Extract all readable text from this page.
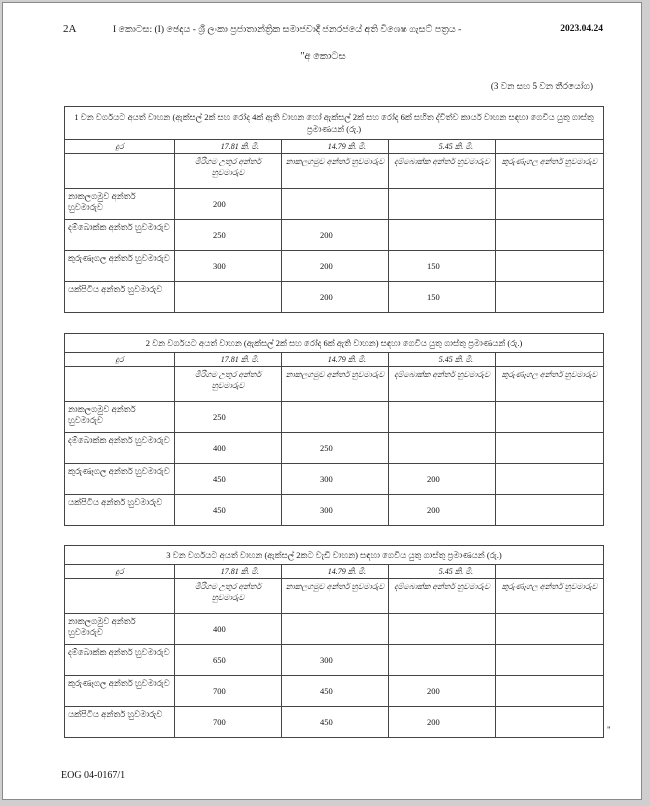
2A	I කොටස: (I) ඡෙදය - ශ්‍රී ලංකා ප්‍රජාතාන්ත්‍රික සමාජවාදී ජනරජයේ අති විශෙෂ ගැසට් පත්‍රය -	2023.04.24
"අ කොටස
(3 වන සහ 5 වන තීරයෝග)
1 වන වර්ගයට අයත් වාහන (ඇක්සල් 2ක් සහ රෝද 4ක් ඇති වාහන හෝ ඇක්සල් 2ක් සහ රෝද 6ක් සහිත ද්විත්ව කාර්ය වාහන සඳහා ගෙවිය යුතු ගාස්තු ප්‍රමාණයන් (රු.)				
දුර	17.81 කි. මී.	14.79 කි. මී.	5.45 කි. මී.	
	මීරිගම උතුර අන්තර් හුවමාරුව	නාකලගමුව අන්තර් හුවමාරුව	දම්බොක්ක අන්තර් හුවමාරුව	කුරුණෑගල අන්තර් හුවමාරුව
නාකලගමුව අන්තර් හුවමාරුව	200			
දම්බොක්ක අන්තර් හුවමාරුව	250	200		
කුරුණෑගල අන්තර් හුවමාරුව	300	200	150	
යක්පිටිය අන්තර් හුවමාරුව		200	150	
2 වන වර්ගයට අයත් වාහන (ඇක්සල් 2ක් සහ රෝද 6ක් ඇති වාහන) සඳහා ගෙවිය යුතු ගාස්තු ප්‍රමාණයන් (රු.)				
දුර	17.81 කි. මී.	14.79 කි. මී.	5.45 කි. මී.	
	මීරිගම උතුර අන්තර් හුවමාරුව	නාකලගමුව අන්තර් හුවමාරුව	දම්බොක්ක අන්තර් හුවමාරුව	කුරුණෑගල අන්තර් හුවමාරුව
නාකලගමුව අන්තර් හුවමාරුව	250			
දම්බොක්ක අන්තර් හුවමාරුව	400	250		
කුරුණෑගල අන්තර් හුවමාරුව	450	300	200	
යක්පිටිය අන්තර් හුවමාරුව	450	300	200	
3 වන වර්ගයට අයත් වාහන (ඇක්සල් 2කට වැඩි වාහන) සඳහා ගෙවිය යුතු ගාස්තු ප්‍රමාණයන් (රු.)				
දුර	17.81 කි. මී.	14.79 කි. මී.	5.45 කි. මී.	
	මීරිගම උතුර අන්තර් හුවමාරුව	නාකලගමුව අන්තර් හුවමාරුව	දම්බොක්ක අන්තර් හුවමාරුව	කුරුණෑගල අන්තර් හුවමාරුව
නාකලගමුව අන්තර් හුවමාරුව	400			
දම්බොක්ක අන්තර් හුවමාරුව	650	300		
කුරුණෑගල අන්තර් හුවමාරුව	700	450	200	
යක්පිටිය අන්තර් හුවමාරුව	700	450	200	
"
EOG 04-0167/1
